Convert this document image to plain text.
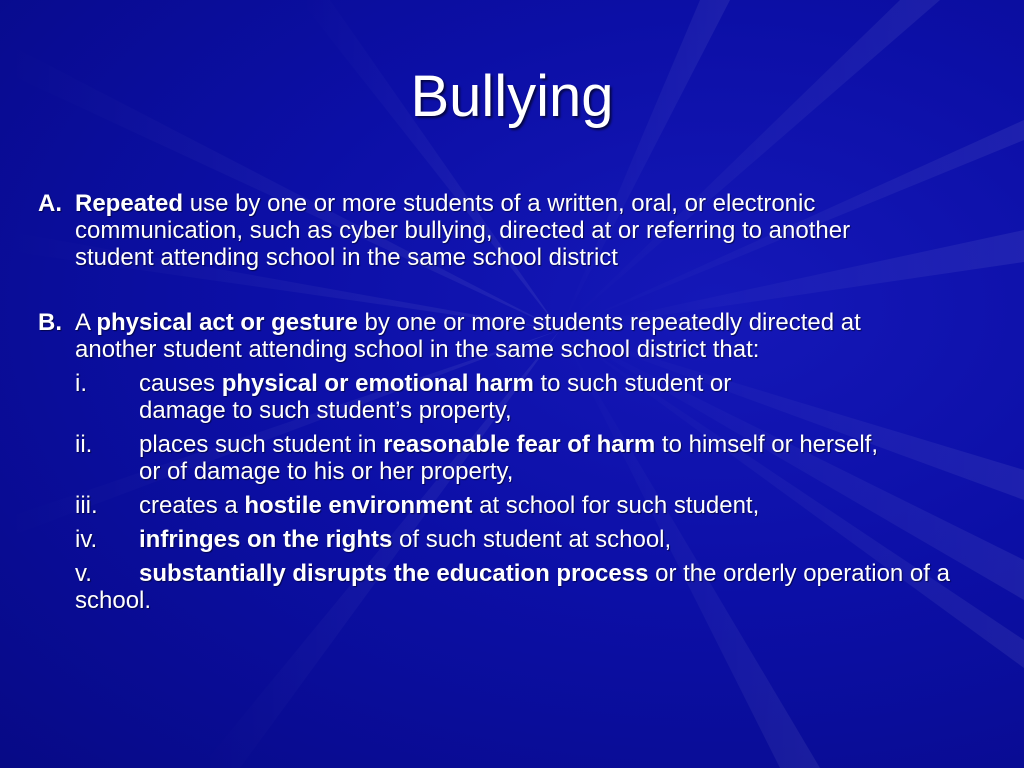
Bullying
A. Repeated use by one or more students of a written, oral, or electronic communication, such as cyber bullying, directed at or referring to another student attending school in the same school district
B. A physical act or gesture by one or more students repeatedly directed at another student attending school in the same school district that:
i. causes physical or emotional harm to such student or damage to such student’s property,
ii. places such student in reasonable fear of harm to himself or herself, or of damage to his or her property,
iii. creates a hostile environment at school for such student,
iv. infringes on the rights of such student at school,
v. substantially disrupts the education process or the orderly operation of a school.
